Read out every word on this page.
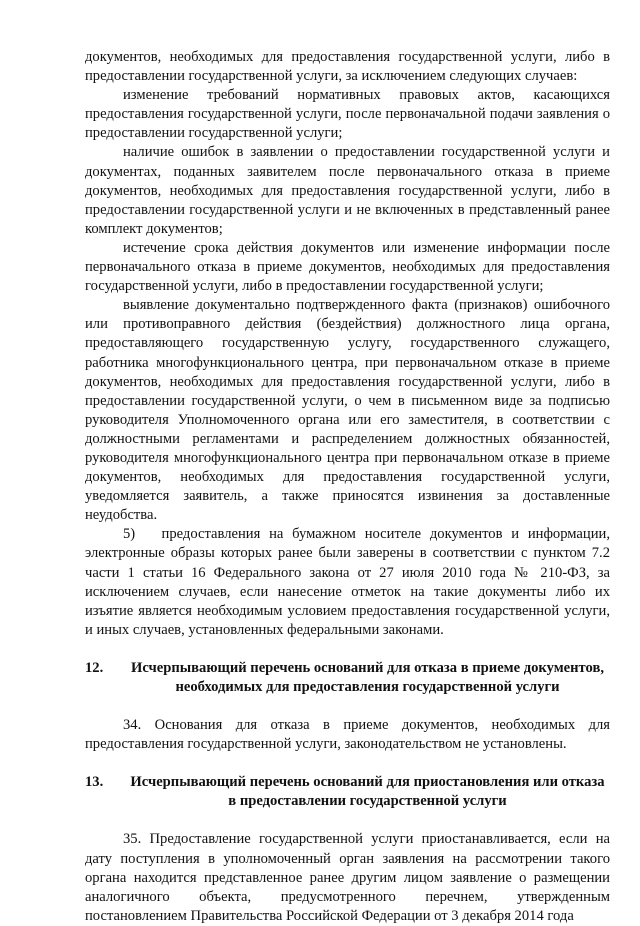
документов, необходимых для предоставления государственной услуги, либо в предоставлении государственной услуги, за исключением следующих случаев:

изменение требований нормативных правовых актов, касающихся предоставления государственной услуги, после первоначальной подачи заявления о предоставлении государственной услуги;

наличие ошибок в заявлении о предоставлении государственной услуги и документах, поданных заявителем после первоначального отказа в приеме документов, необходимых для предоставления государственной услуги, либо в предоставлении государственной услуги и не включенных в представленный ранее комплект документов;

истечение срока действия документов или изменение информации после первоначального отказа в приеме документов, необходимых для предоставления государственной услуги, либо в предоставлении государственной услуги;

выявление документально подтвержденного факта (признаков) ошибочного или противоправного действия (бездействия) должностного лица органа, предоставляющего государственную услугу, государственного служащего, работника многофункционального центра, при первоначальном отказе в приеме документов, необходимых для предоставления государственной услуги, либо в предоставлении государственной услуги, о чем в письменном виде за подписью руководителя Уполномоченного органа или его заместителя, в соответствии с должностными регламентами и распределением должностных обязанностей, руководителя многофункционального центра при первоначальном отказе в приеме документов, необходимых для предоставления государственной услуги, уведомляется заявитель, а также приносятся извинения за доставленные неудобства.

5)   предоставления на бумажном носителе документов и информации, электронные образы которых ранее были заверены в соответствии с пунктом 7.2 части 1 статьи 16 Федерального закона от 27 июля 2010 года № 210-ФЗ, за исключением случаев, если нанесение отметок на такие документы либо их изъятие является необходимым условием предоставления государственной услуги, и иных случаев, установленных федеральными законами.

12. Исчерпывающий перечень оснований для отказа в приеме документов, необходимых для предоставления государственной услуги

34. Основания для отказа в приеме документов, необходимых для предоставления государственной услуги, законодательством не установлены.

13. Исчерпывающий перечень оснований для приостановления или отказа в предоставлении государственной услуги

35. Предоставление государственной услуги приостанавливается, если на дату поступления в уполномоченный орган заявления на рассмотрении такого органа находится представленное ранее другим лицом заявление о размещении аналогичного объекта, предусмотренного перечнем, утвержденным постановлением Правительства Российской Федерации от 3 декабря 2014 года
